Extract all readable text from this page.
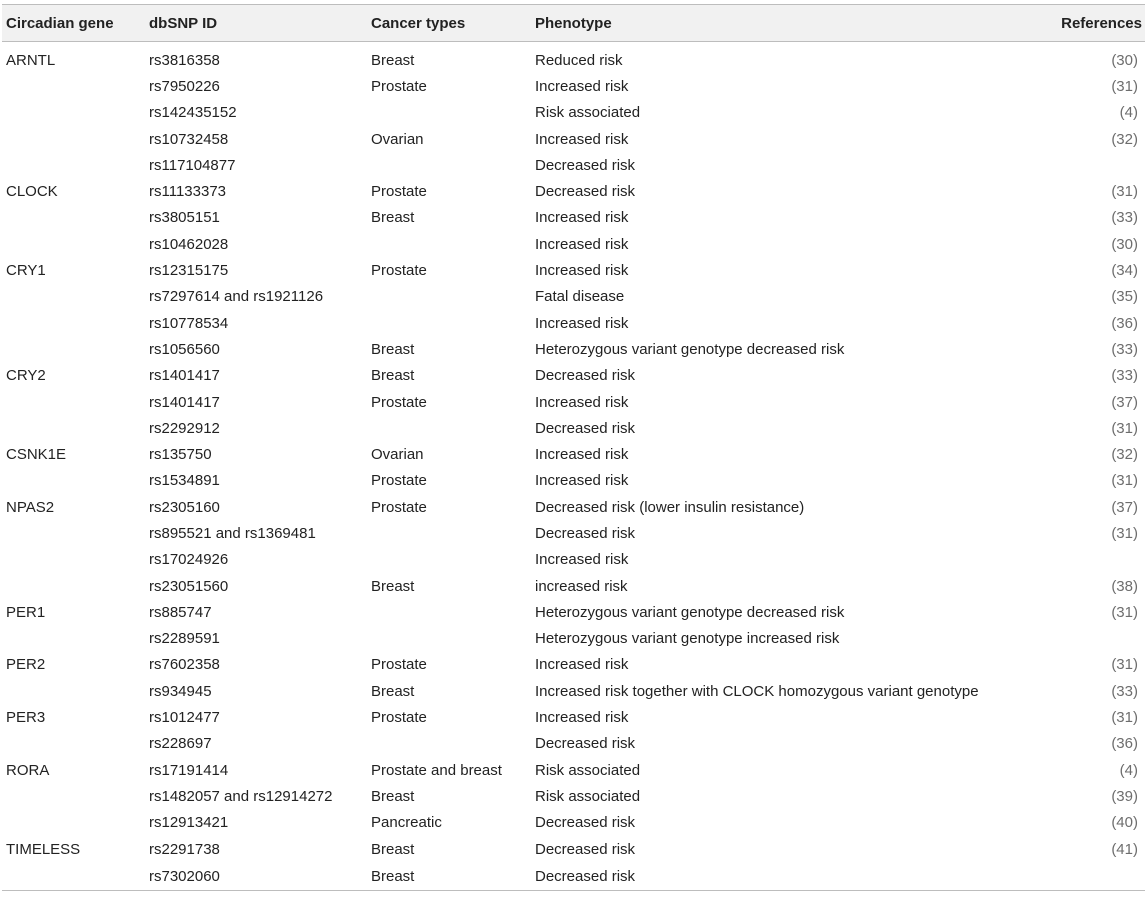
Circadian gene	dbSNP ID	Cancer types	Phenotype	References
ARNTL	rs3816358	Breast	Reduced risk	(30)
	rs7950226	Prostate	Increased risk	(31)
	rs142435152		Risk associated	(4)
	rs10732458	Ovarian	Increased risk	(32)
	rs117104877		Decreased risk	
CLOCK	rs11133373	Prostate	Decreased risk	(31)
	rs3805151	Breast	Increased risk	(33)
	rs10462028		Increased risk	(30)
CRY1	rs12315175	Prostate	Increased risk	(34)
	rs7297614 and rs1921126		Fatal disease	(35)
	rs10778534		Increased risk	(36)
	rs1056560	Breast	Heterozygous variant genotype decreased risk	(33)
CRY2	rs1401417	Breast	Decreased risk	(33)
	rs1401417	Prostate	Increased risk	(37)
	rs2292912		Decreased risk	(31)
CSNK1E	rs135750	Ovarian	Increased risk	(32)
	rs1534891	Prostate	Increased risk	(31)
NPAS2	rs2305160	Prostate	Decreased risk (lower insulin resistance)	(37)
	rs895521 and rs1369481		Decreased risk	(31)
	rs17024926		Increased risk	
	rs23051560	Breast	increased risk	(38)
PER1	rs885747		Heterozygous variant genotype decreased risk	(31)
	rs2289591		Heterozygous variant genotype increased risk	
PER2	rs7602358	Prostate	Increased risk	(31)
	rs934945	Breast	Increased risk together with CLOCK homozygous variant genotype	(33)
PER3	rs1012477	Prostate	Increased risk	(31)
	rs228697		Decreased risk	(36)
RORA	rs17191414	Prostate and breast	Risk associated	(4)
	rs1482057 and rs12914272	Breast	Risk associated	(39)
	rs12913421	Pancreatic	Decreased risk	(40)
TIMELESS	rs2291738	Breast	Decreased risk	(41)
	rs7302060	Breast	Decreased risk	
